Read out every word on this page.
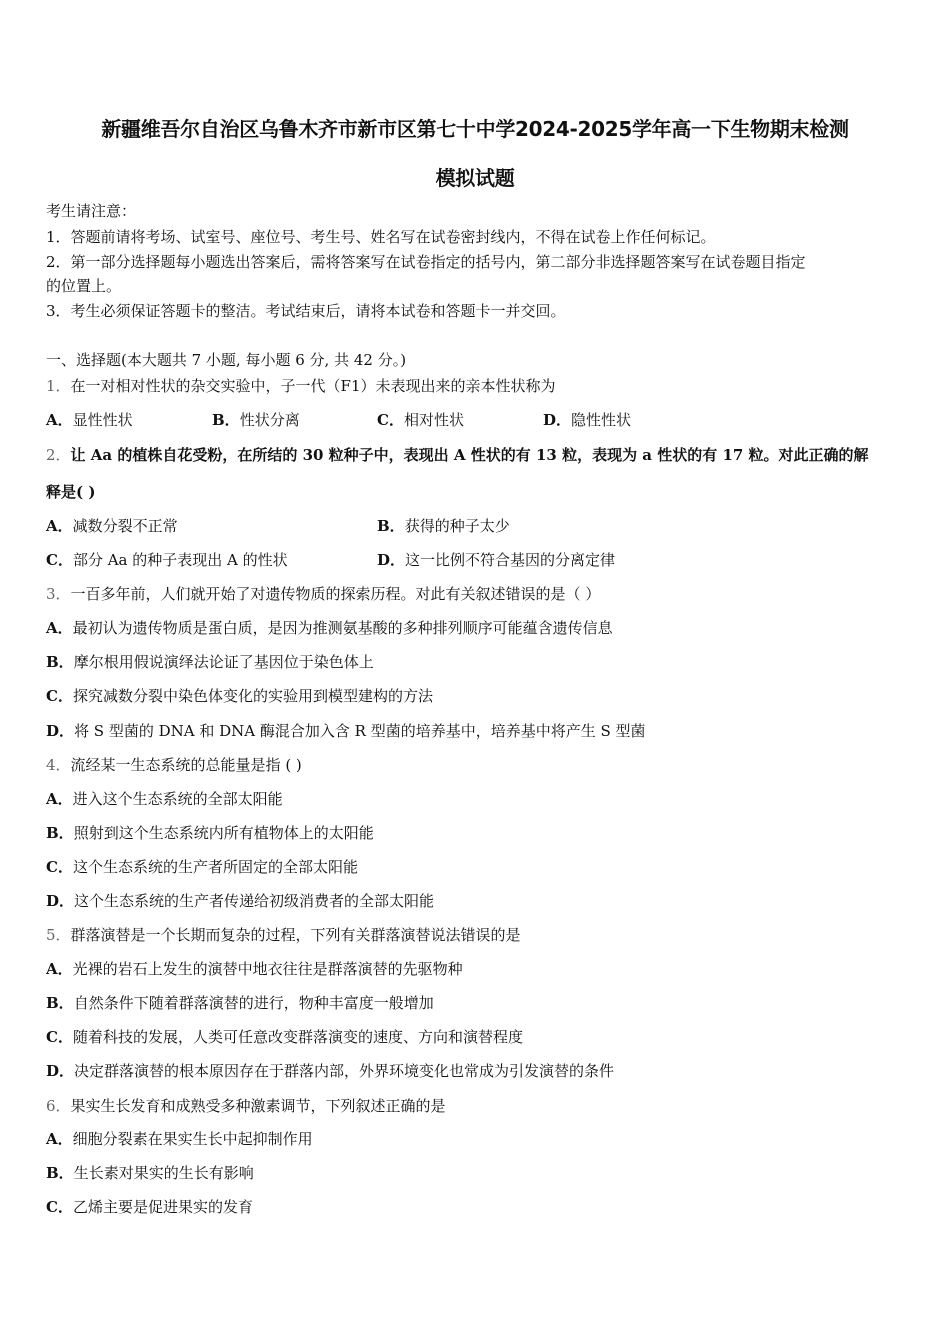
新疆维吾尔自治区乌鲁木齐市新市区第七十中学2024-2025学年高一下生物期末检测
模拟试题
考生请注意：
1．答题前请将考场、试室号、座位号、考生号、姓名写在试卷密封线内，不得在试卷上作任何标记。
2．第一部分选择题每小题选出答案后，需将答案写在试卷指定的括号内，第二部分非选择题答案写在试卷题目指定
的位置上。
3．考生必须保证答题卡的整洁。考试结束后，请将本试卷和答题卡一并交回。
一、选择题(本大题共 7 小题, 每小题 6 分, 共 42 分。)
1．在一对相对性状的杂交实验中，子一代（F1）未表现出来的亲本性状称为
A．显性性状	B．性状分离	C．相对性状	D．隐性性状
2．让 Aa 的植株自花受粉，在所结的 30 粒种子中，表现出 A 性状的有 13 粒，表现为 a 性状的有 17 粒。对此正确的解
释是( )
A．减数分裂不正常	B．获得的种子太少
C．部分 Aa 的种子表现出 A 的性状	D．这一比例不符合基因的分离定律
3．一百多年前，人们就开始了对遗传物质的探索历程。对此有关叙述错误的是（ ）
A．最初认为遗传物质是蛋白质，是因为推测氨基酸的多种排列顺序可能蕴含遗传信息
B．摩尔根用假说演绎法论证了基因位于染色体上
C．探究减数分裂中染色体变化的实验用到模型建构的方法
D．将 S 型菌的 DNA 和 DNA 酶混合加入含 R 型菌的培养基中，培养基中将产生 S 型菌
4．流经某一生态系统的总能量是指 ( )
A．进入这个生态系统的全部太阳能
B．照射到这个生态系统内所有植物体上的太阳能
C．这个生态系统的生产者所固定的全部太阳能
D．这个生态系统的生产者传递给初级消费者的全部太阳能
5．群落演替是一个长期而复杂的过程，下列有关群落演替说法错误的是
A．光裸的岩石上发生的演替中地衣往往是群落演替的先驱物种
B．自然条件下随着群落演替的进行，物种丰富度一般增加
C．随着科技的发展，人类可任意改变群落演变的速度、方向和演替程度
D．决定群落演替的根本原因存在于群落内部，外界环境变化也常成为引发演替的条件
6．果实生长发育和成熟受多种激素调节，下列叙述正确的是
A．细胞分裂素在果实生长中起抑制作用
B．生长素对果实的生长有影响
C．乙烯主要是促进果实的发育
